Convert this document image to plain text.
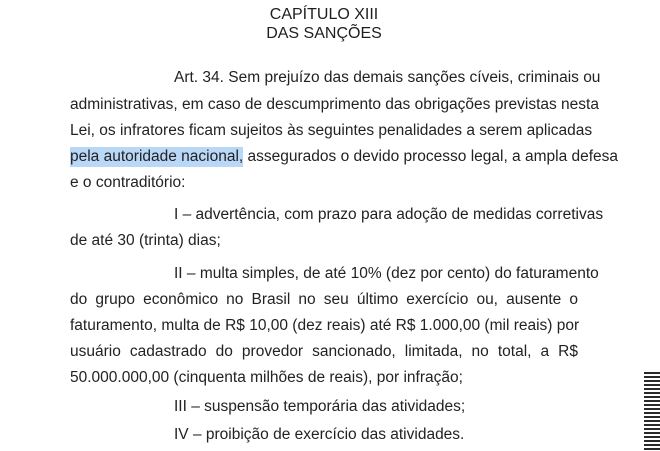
CAPÍTULO XIII
DAS SANÇÕES
Art. 34. Sem prejuízo das demais sanções cíveis, criminais ou
administrativas, em caso de descumprimento das obrigações previstas nesta
Lei, os infratores ficam sujeitos às seguintes penalidades a serem aplicadas
pela autoridade nacional, assegurados o devido processo legal, a ampla defesa
e o contraditório:
I – advertência, com prazo para adoção de medidas corretivas
de até 30 (trinta) dias;
II – multa simples, de até 10% (dez por cento) do faturamento
do grupo econômico no Brasil no seu último exercício ou, ausente o
faturamento, multa de R$ 10,00 (dez reais) até R$ 1.000,00 (mil reais) por
usuário cadastrado do provedor sancionado, limitada, no total, a R$
50.000.000,00 (cinquenta milhões de reais), por infração;
III – suspensão temporária das atividades;
IV – proibição de exercício das atividades.
